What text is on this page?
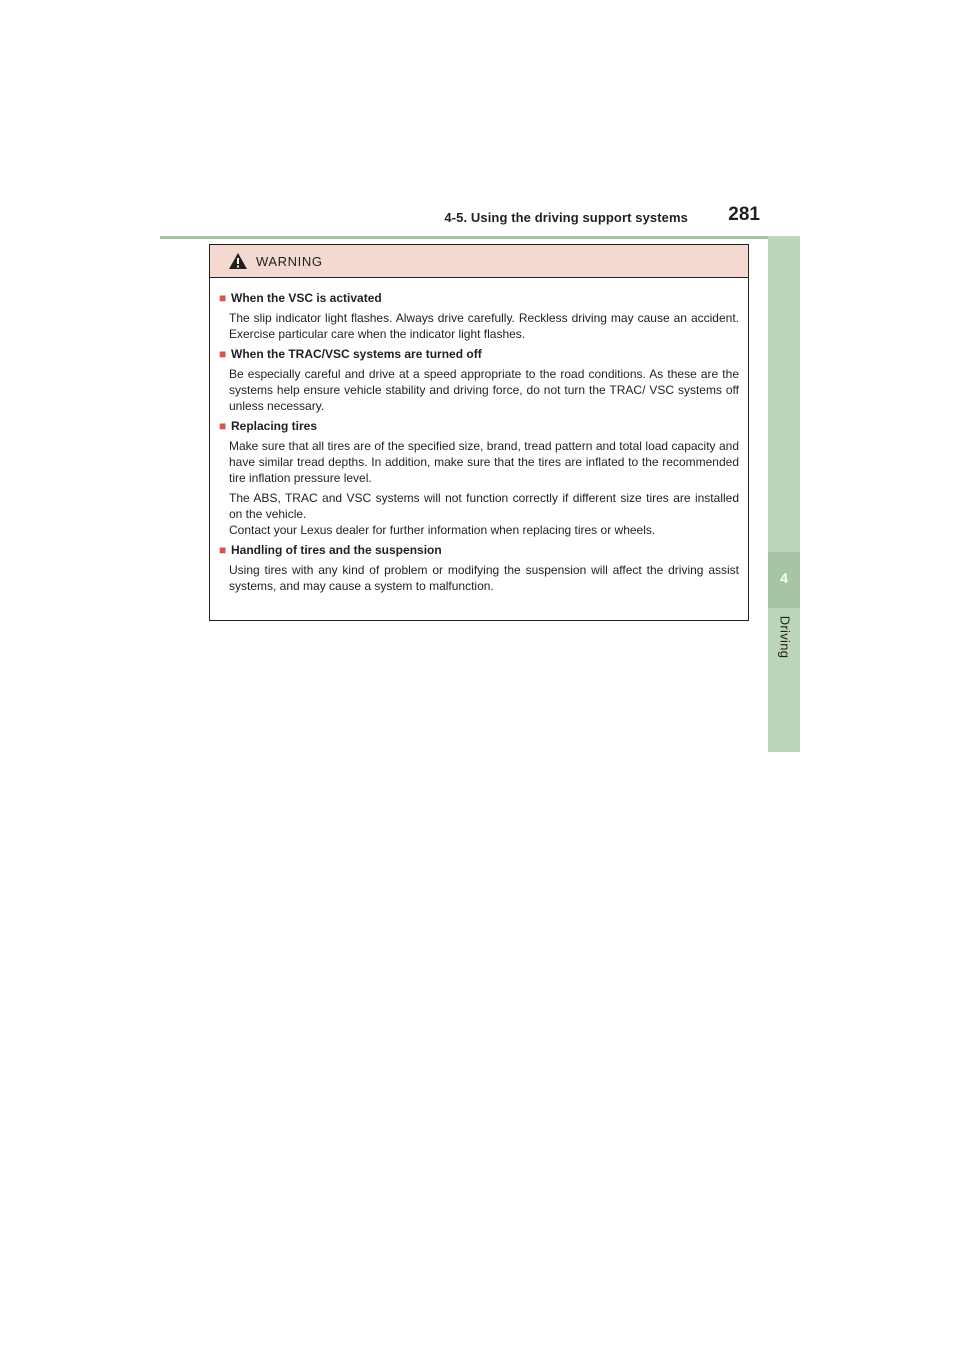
4-5. Using the driving support systems 281
4
Driving
WARNING
■ When the VSC is activated

The slip indicator light flashes. Always drive carefully. Reckless driving may cause an accident. Exercise particular care when the indicator light flashes.

■ When the TRAC/VSC systems are turned off

Be especially careful and drive at a speed appropriate to the road conditions. As these are the systems help ensure vehicle stability and driving force, do not turn the TRAC/ VSC systems off unless necessary.

■ Replacing tires

Make sure that all tires are of the specified size, brand, tread pattern and total load capacity and have similar tread depths. In addition, make sure that the tires are inflated to the recommended tire inflation pressure level.

The ABS, TRAC and VSC systems will not function correctly if different size tires are installed on the vehicle.

Contact your Lexus dealer for further information when replacing tires or wheels.

■ Handling of tires and the suspension

Using tires with any kind of problem or modifying the suspension will affect the driving assist systems, and may cause a system to malfunction.
